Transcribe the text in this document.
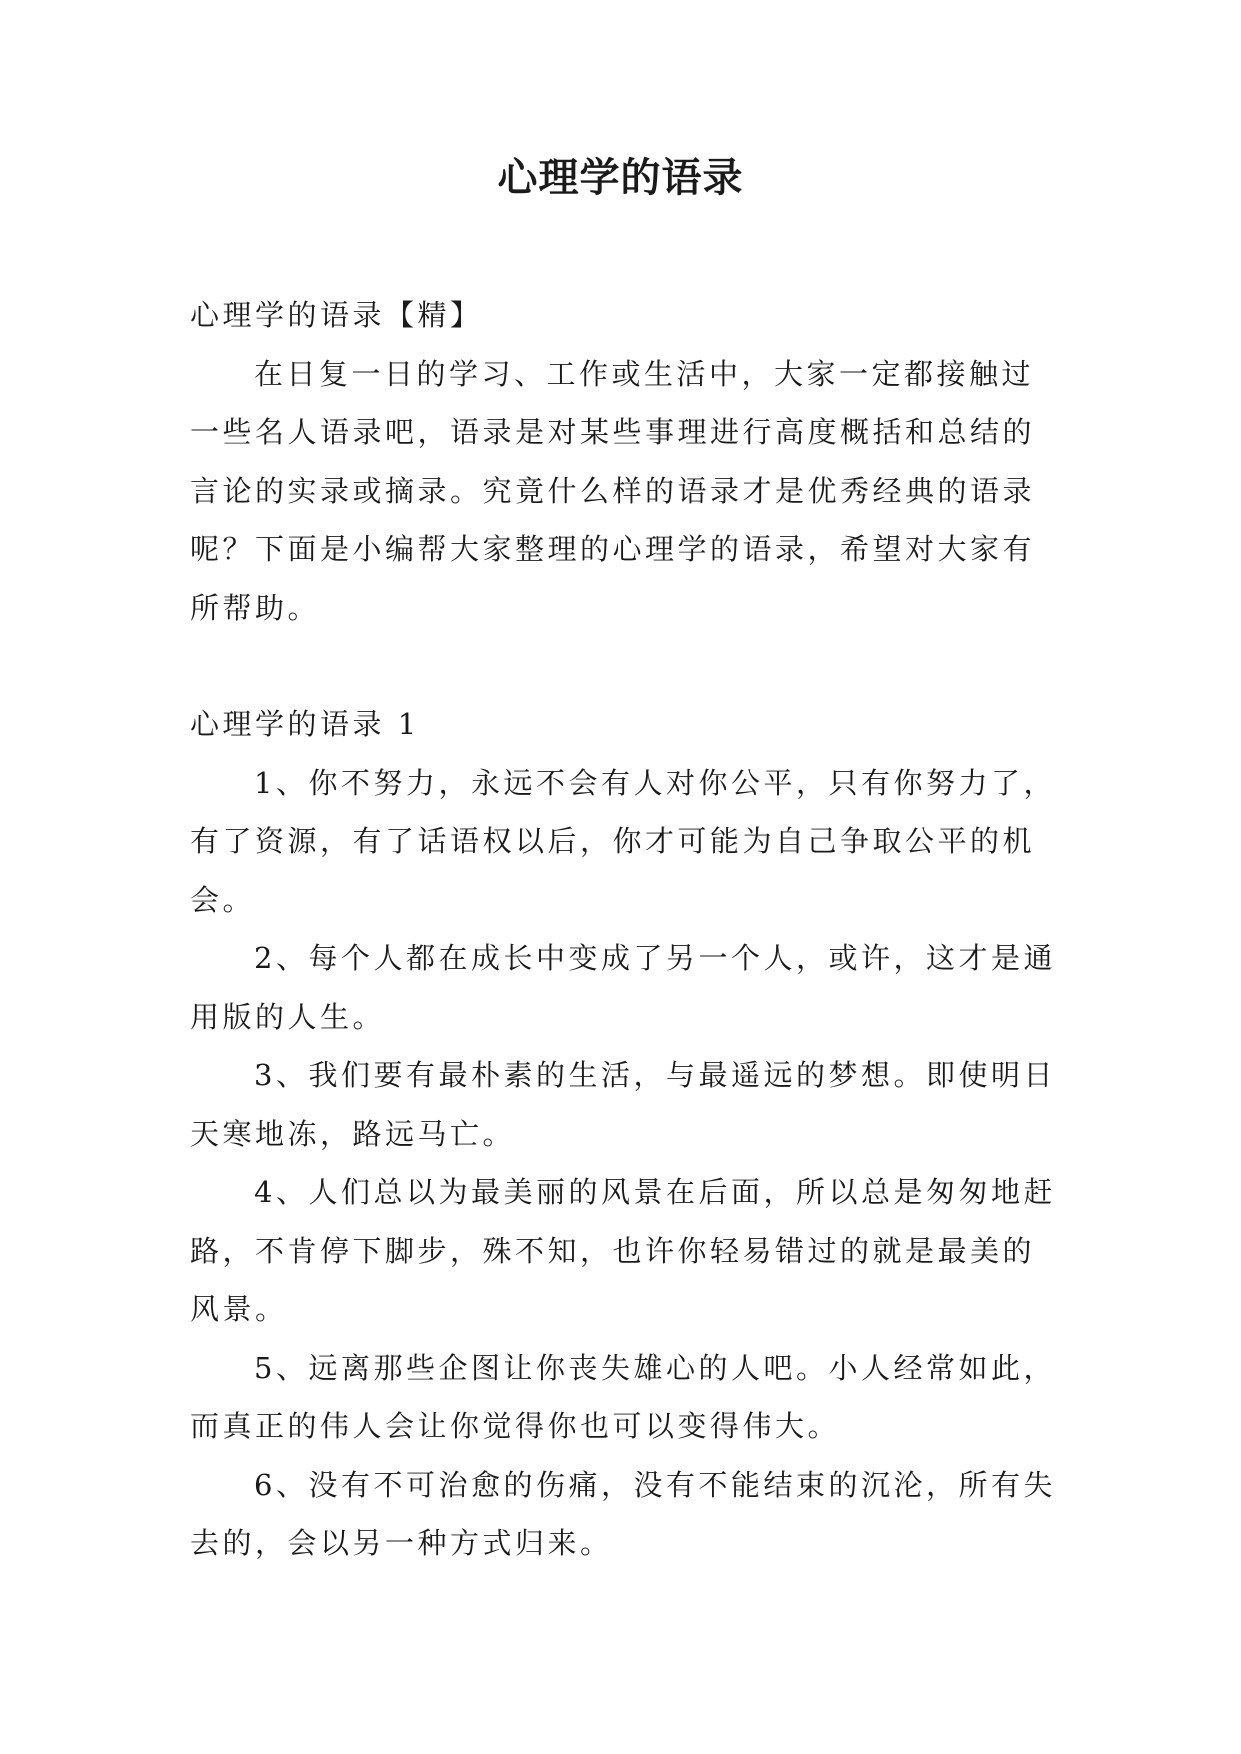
心理学的语录

心理学的语录【精】

在日复一日的学习、工作或生活中，大家一定都接触过一些名人语录吧，语录是对某些事理进行高度概括和总结的言论的实录或摘录。究竟什么样的语录才是优秀经典的语录呢？下面是小编帮大家整理的心理学的语录，希望对大家有所帮助。

心理学的语录 1

1、你不努力，永远不会有人对你公平，只有你努力了，有了资源，有了话语权以后，你才可能为自己争取公平的机会。

2、每个人都在成长中变成了另一个人，或许，这才是通用版的人生。

3、我们要有最朴素的生活，与最遥远的梦想。即使明日天寒地冻，路远马亡。

4、人们总以为最美丽的风景在后面，所以总是匆匆地赶路，不肯停下脚步，殊不知，也许你轻易错过的就是最美的风景。

5、远离那些企图让你丧失雄心的人吧。小人经常如此，而真正的伟人会让你觉得你也可以变得伟大。

6、没有不可治愈的伤痛，没有不能结束的沉沦，所有失去的，会以另一种方式归来。
